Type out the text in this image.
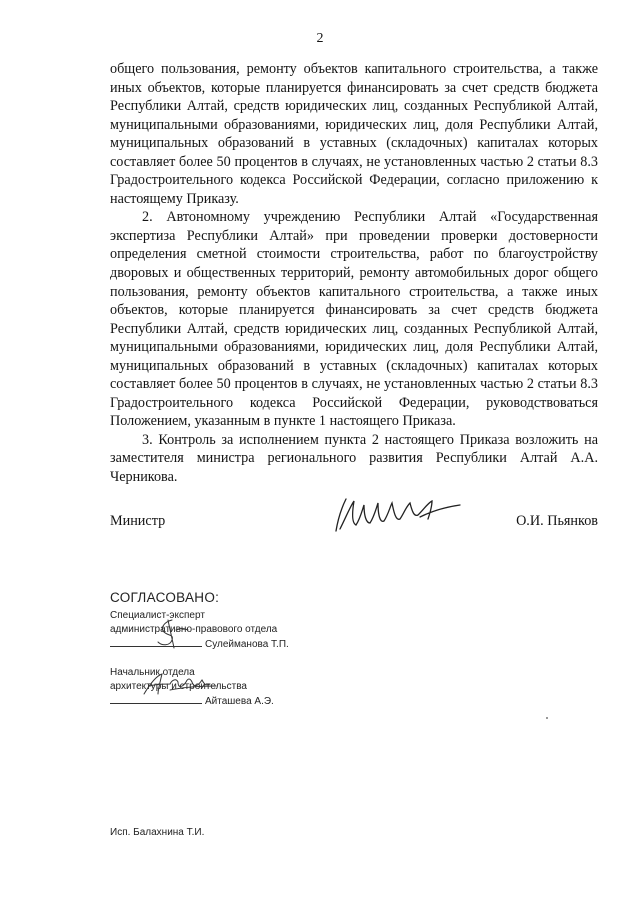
2

общего пользования, ремонту объектов капитального строительства, а также иных объектов, которые планируется финансировать за счет средств бюджета Республики Алтай, средств юридических лиц, созданных Республикой Алтай, муниципальными образованиями, юридических лиц, доля Республики Алтай, муниципальных образований в уставных (складочных) капиталах которых составляет более 50 процентов в случаях, не установленных частью 2 статьи 8.3 Градостроительного кодекса Российской Федерации, согласно приложению к настоящему Приказу.

2. Автономному учреждению Республики Алтай «Государственная экспертиза Республики Алтай» при проведении проверки достоверности определения сметной стоимости строительства, работ по благоустройству дворовых и общественных территорий, ремонту автомобильных дорог общего пользования, ремонту объектов капитального строительства, а также иных объектов, которые планируется финансировать за счет средств бюджета Республики Алтай, средств юридических лиц, созданных Республикой Алтай, муниципальными образованиями, юридических лиц, доля Республики Алтай, муниципальных образований в уставных (складочных) капиталах которых составляет более 50 процентов в случаях, не установленных частью 2 статьи 8.3 Градостроительного кодекса Российской Федерации, руководствоваться Положением, указанным в пункте 1 настоящего Приказа.

3. Контроль за исполнением пункта 2 настоящего Приказа возложить на заместителя министра регионального развития Республики Алтай А.А. Черникова.

Министр	О.И. Пьянков
СОГЛАСОВАНО:
Специалист-эксперт
административно-правового отдела
Сулейманова Т.П.
Начальник отдела
архитектуры и строительства
Айташева А.Э.
Исп. Балахнина Т.И.
